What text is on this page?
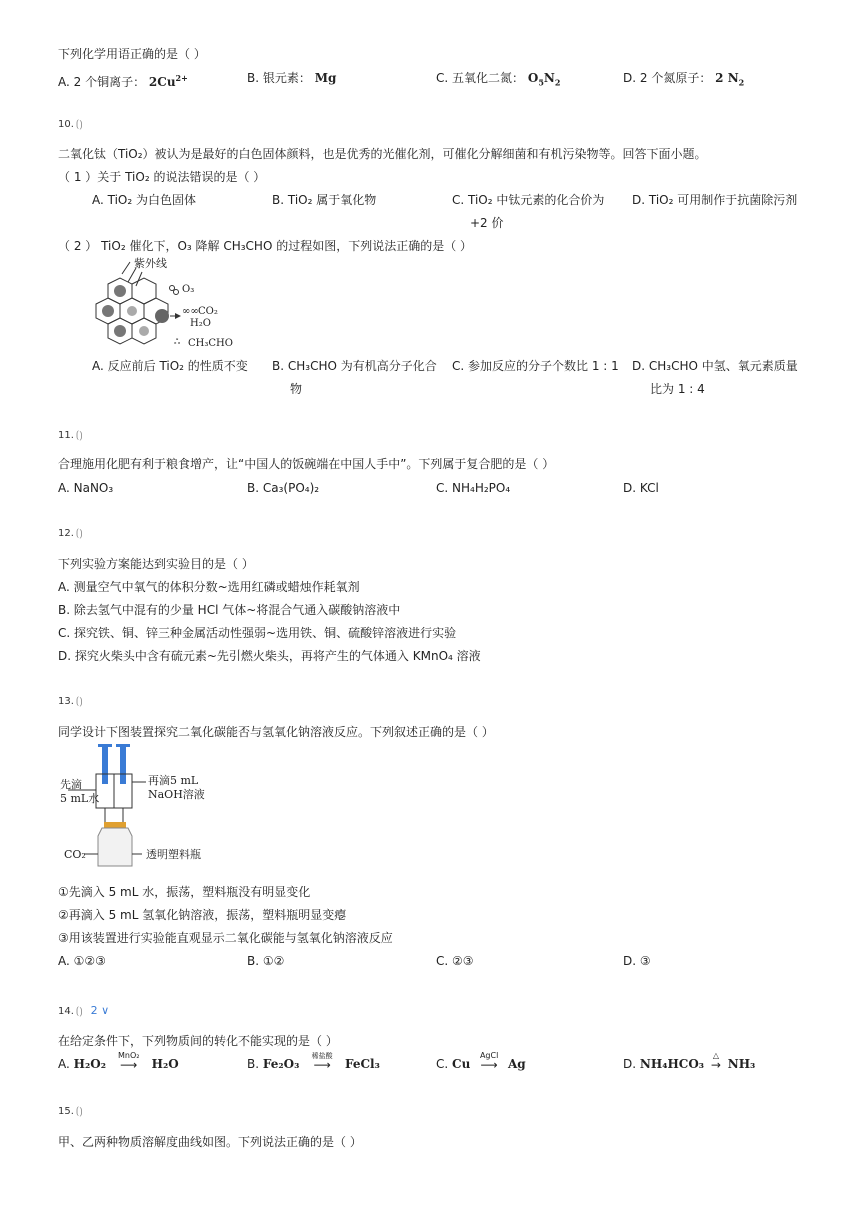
下列化学用语正确的是（ ）
A. 2 个铜离子： $2Cu^{2+}$	B. 银元素： Mg	C. 五氧化二氮： $O_5N_2$	D. 2 个氮原子： 2 $N_2$
10. ⟮⟯
二氧化钛（TiO₂）被认为是最好的白色固体颜料，也是优秀的光催化剂，可催化分解细菌和有机污染物等。回答下面小题。
（ 1 ）关于 TiO₂ 的说法错误的是（ ）
A. TiO₂ 为白色固体	B. TiO₂ 属于氧化物	C. TiO₂ 中钛元素的化合价为
+2 价
D. TiO₂ 可用制作于抗菌除污剂
（ 2 ） TiO₂ 催化下，O₃ 降解 CH₃CHO 的过程如图，下列说法正确的是（ ）
紫外线
O₃
∞∞ CO₂
H₂O
ஃ CH₃CHO
A. 反应前后 TiO₂ 的性质不变 B. CH₃CHO 为有机高分子化合
物
C. 参加反应的分子个数比 1 : 1 D. CH₃CHO 中氢、氧元素质量
比为 1 : 4
11. ⟮⟯
合理施用化肥有利于粮食增产，让“中国人的饭碗端在中国人手中”。下列属于复合肥的是（ ）
A. NaNO₃	B. Ca₃(PO₄)₂	C. NH₄H₂PO₄	D. KCl
12. ⟮⟯
下列实验方案能达到实验目的是（ ）
A. 测量空气中氧气的体积分数~选用红磷或蜡烛作耗氧剂
B. 除去氢气中混有的少量 HCl 气体~将混合气通入碳酸钠溶液中
C. 探究铁、铜、锌三种金属活动性强弱~选用铁、铜、硫酸锌溶液进行实验
D. 探究火柴头中含有硫元素~先引燃火柴头，再将产生的气体通入 KMnO₄ 溶液
13. ⟮⟯
同学设计下图装置探究二氧化碳能否与氢氧化钠溶液反应。下列叙述正确的是（ ）
先滴
5 mL水
再滴5 mL
NaOH溶液
CO₂	透明塑料瓶
①先滴入 5 mL 水，振荡，塑料瓶没有明显变化
②再滴入 5 mL 氢氧化钠溶液，振荡，塑料瓶明显变瘪
③用该装置进行实验能直观显示二氧化碳能与氢氧化钠溶液反应
A. ①②③	B. ①②	C. ②③	D. ③
14. ⟮⟯ 2 ∨
在给定条件下，下列物质间的转化不能实现的是（ ）
A. H₂O₂
MnO₂
⟶ H₂O	B. Fe₂O₃
稀盐酸
⟶ FeCl₃	C. Cu
AgCl
⟶ Ag	D. NH₄HCO₃
△
→ NH₃
15. ⟮⟯
甲、乙两种物质溶解度曲线如图。下列说法正确的是（ ）
